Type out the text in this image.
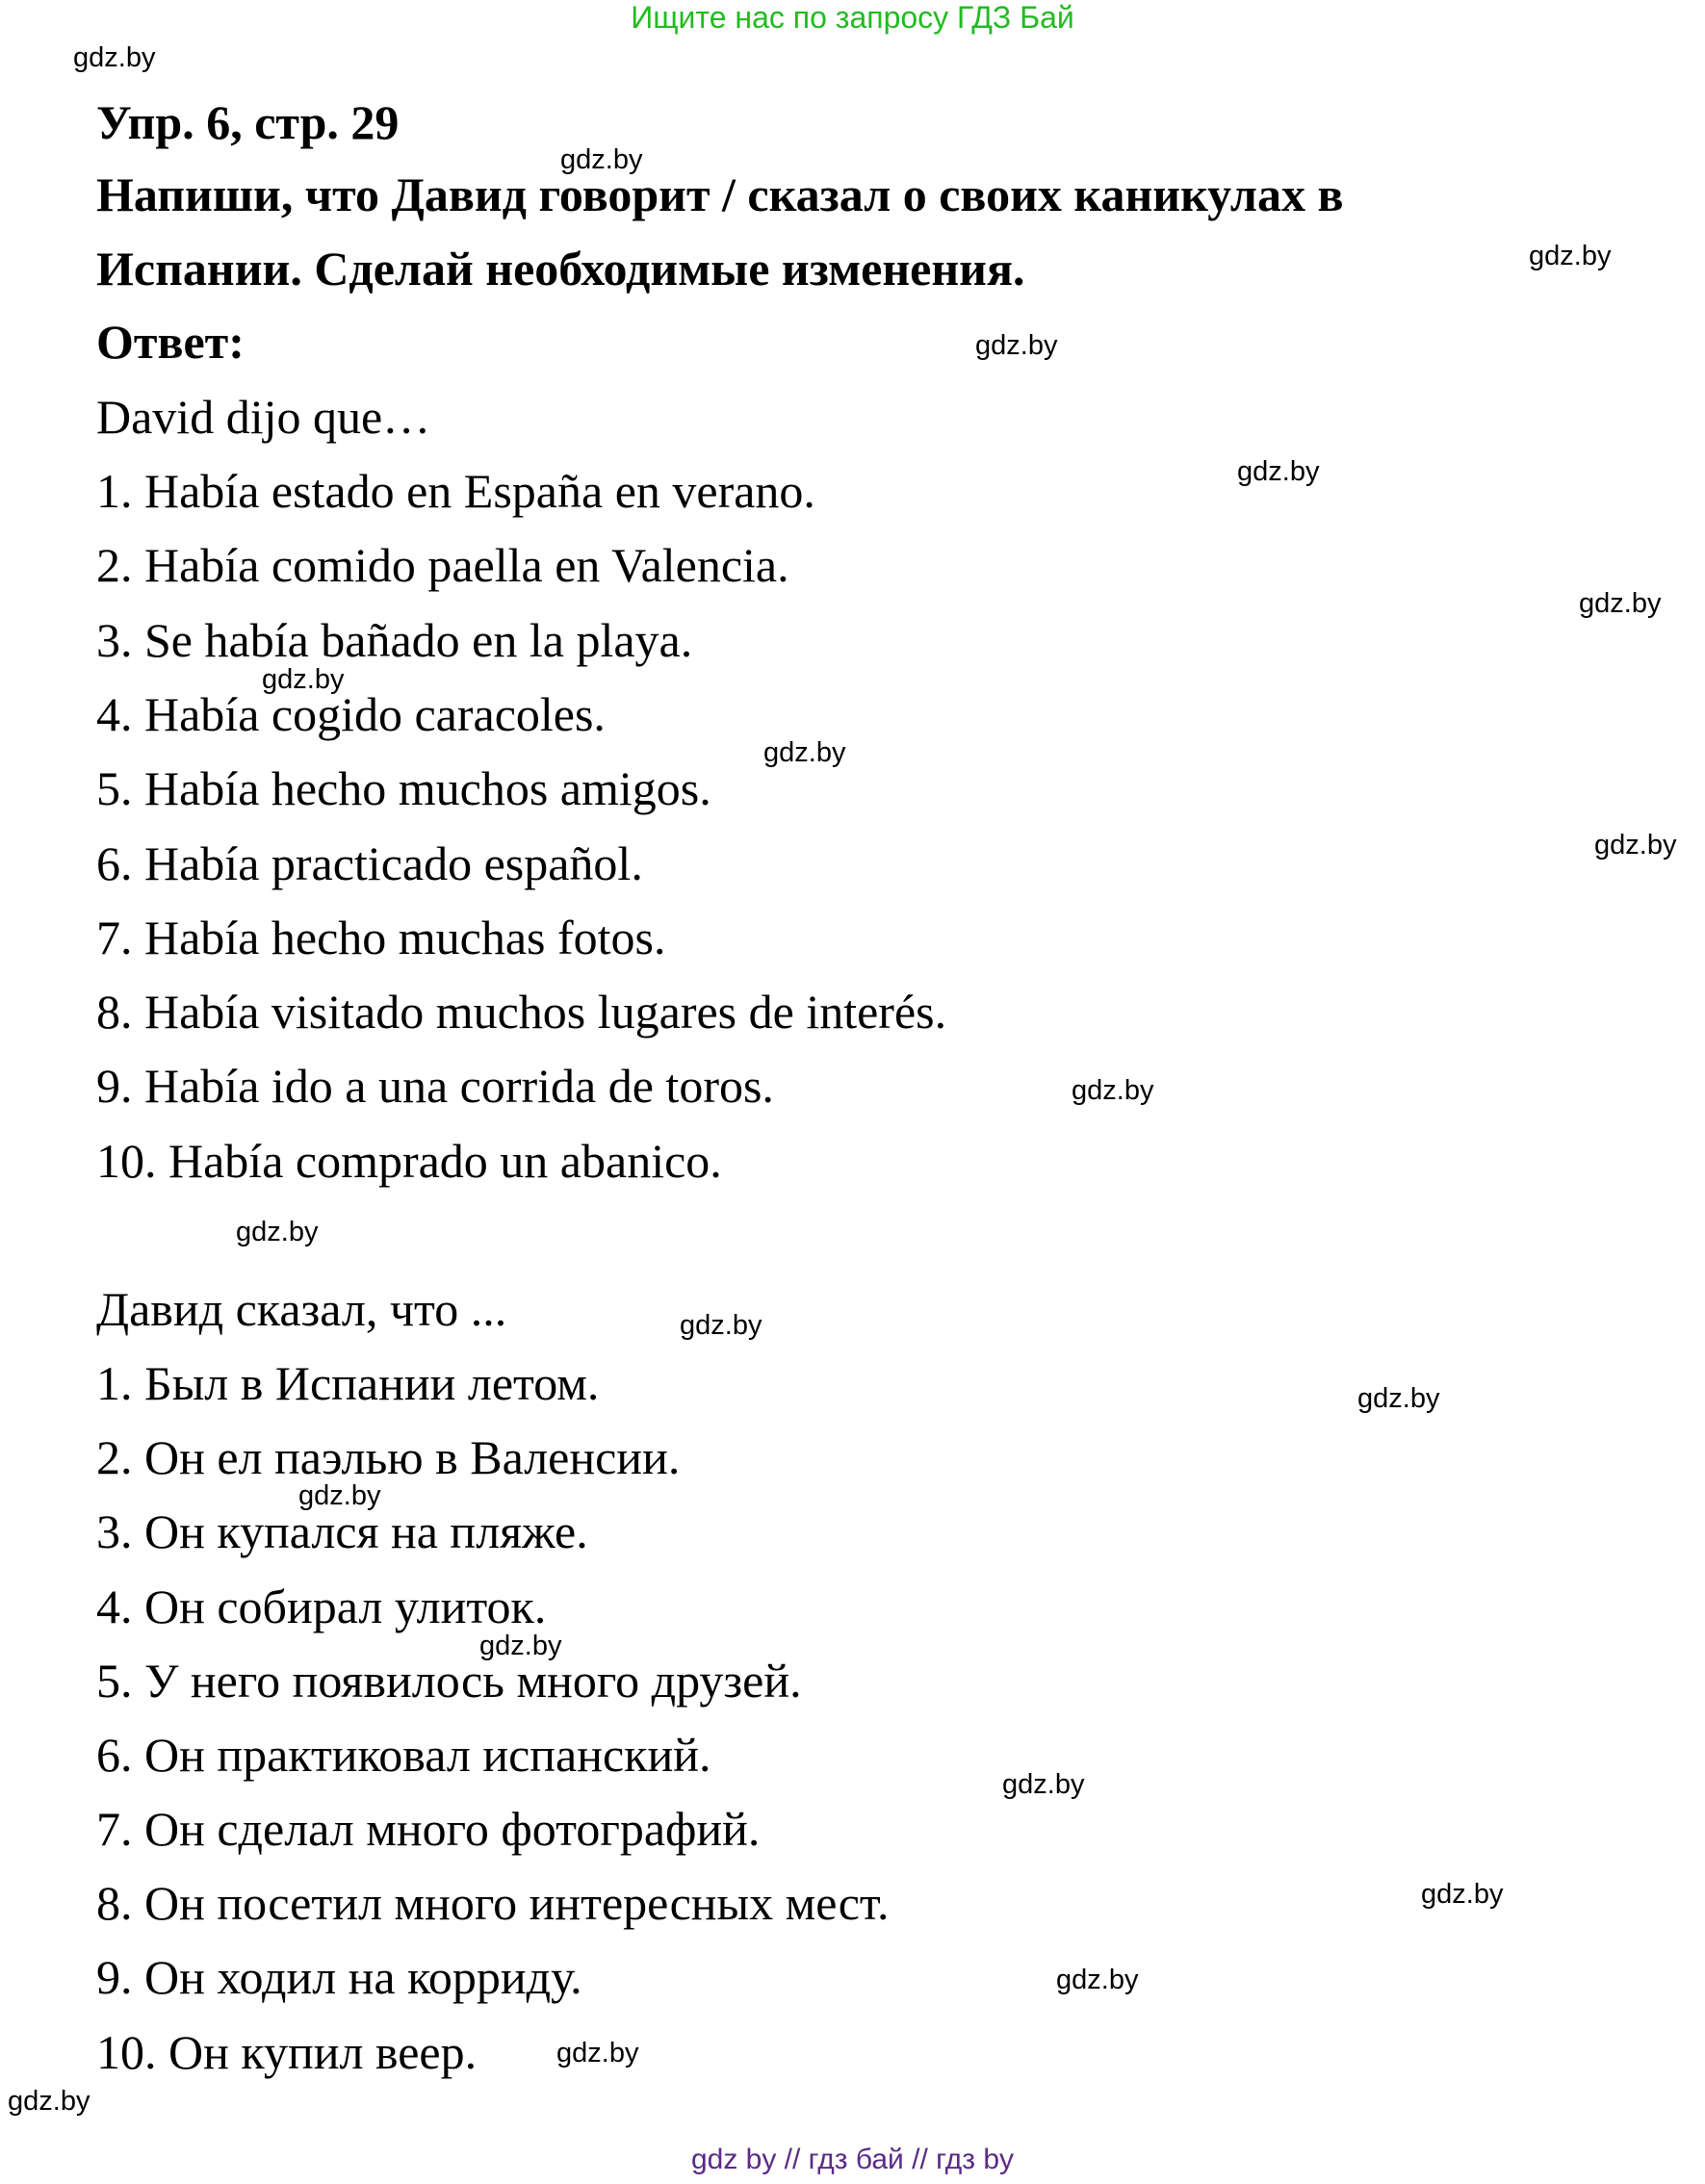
Ищите нас по запросу ГДЗ Бай
gdz.by
Упр. 6, стр. 29
gdz.by
Напиши, что Давид говорит / сказал о своих каникулах в
gdz.by
Испании. Сделай необходимые изменения.
Ответ:	gdz.by
David dijo que…
gdz.by
1. Había estado en España en verano.
2. Había comido paella en Valencia.
gdz.by
3. Se había bañado en la playa.
gdz.by
4. Había cogido caracoles.
gdz.by
5. Había hecho muchos amigos.
gdz.by
6. Había practicado español.
7. Había hecho muchas fotos.
8. Había visitado muchos lugares de interés.
gdz.by
9. Había ido a una corrida de toros.
10. Había comprado un abanico.
gdz.by
Давид сказал, что ...	gdz.by
1. Был в Испании летом.	gdz.by
2. Он ел паэлью в Валенсии.
gdz.by
3. Он купался на пляже.
4. Он собирал улиток.
gdz.by
5. У него появилось много друзей.
6. Он практиковал испанский.
gdz.by
7. Он сделал много фотографий.
gdz.by
8. Он посетил много интересных мест.
gdz.by
9. Он ходил на корриду.
10. Он купил веер.	gdz.by
gdz.by
gdz by // гдз бай // гдз by
